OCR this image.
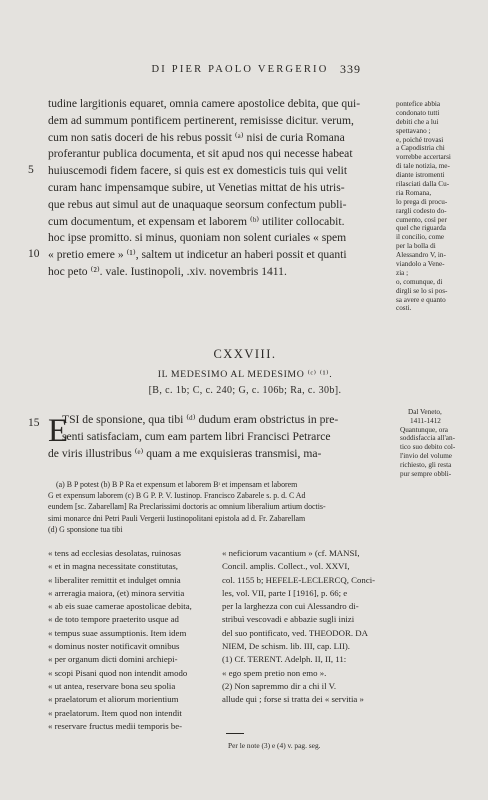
DI PIER PAOLO VERGERIO 339
tudine largitionis equaret, omnia camere apostolice debita, que qui-
dem ad summum pontificem pertinerent, remisisse dicitur. verum,
cum non satis doceri de his rebus possit ⁽ᵃ⁾ nisi de curia Romana
proferantur publica documenta, et sit apud nos qui necesse habeat
huiuscemodi fidem facere, si quis est ex domesticis tuis qui velit
curam hanc impensamque subire, ut Venetias mittat de his utris-
que rebus aut simul aut de unaquaque seorsum confectum publi-
cum documentum, et expensam et laborem ⁽ᵇ⁾ utiliter collocabit.
hoc ipse promitto. si minus, quoniam non solent curiales « spem
« pretio emere » ⁽¹⁾, saltem ut indicetur an haberi possit et quanti
hoc peto ⁽²⁾. vale. Iustinopoli, .xiv. novembris 1411.
5
10
15
pontefice abbia
condonato tutti
debiti che a lui
spettavano ;
e, poiché trovasi
a Capodistria chi
vorrebbe accertarsi
di tale notizia, me-
diante istromenti
rilasciati dalla Cu-
ria Romana,
lo prega di procu-
rargli codesto do-
cumento, così per
quel che riguarda
il concilio, come
per la bolla di
Alessandro V, in-
viandolo a Vene-
zia ;
o, comunque, di
dirgli se lo si pos-
sa avere e quanto
costi.
CXXVIII.
IL MEDESIMO AL MEDESIMO ⁽ᶜ⁾ ⁽¹⁾.
[B, c. 1b; C, c. 240; G, c. 106b; Ra, c. 30b].
E
TSI de sponsione, qua tibi ⁽ᵈ⁾ dudum eram obstrictus in pre-
senti satisfaciam, cum eam partem libri Francisci Petrarce
de viris illustribus ⁽ᵉ⁾ quam a me exquisieras transmisi, ma-
Dal Veneto,
1411-1412
Quantunque, ora
soddisfaccia all'an-
tico suo debito col-
l'invio del volume
richiesto, gli resta
pur sempre obbli-
(a) B P potest (b) B P Ra et expensum et laborem Bᶦ et impensam et laborem
G et expensum laborem (c) B G P. P. V. Iustinop. Francisco Zabarele s. p. d. C Ad
eundem [sc. Zabarellam] Ra Preclarissimi doctoris ac omnium liberalium artium doctis-
simi monarce dni Petri Pauli Vergerii Iustinopolitani epistola ad d. Fr. Zabarellam
(d) G sponsione tua tibi
« tens ad ecclesias desolatas, ruinosas
« et in magna necessitate constitutas,
« liberaliter remittit et indulget omnia
« arreragia maiora, (et) minora servitia
« ab eis suae camerae apostolicae debita,
« de toto tempore praeterito usque ad
« tempus suae assumptionis. Item idem
« dominus noster notificavit omnibus
« per organum dicti domini archiepi-
« scopi Pisani quod non intendit amodo
« ut antea, reservare bona seu spolia
« praelatorum et aliorum morientium
« praelatorum. Item quod non intendit
« reservare fructus medii temporis be-
« neficiorum vacantium » (cf. MANSI,
Concil. amplis. Collect., vol. XXVI,
col. 1155 b; HEFELE-LECLERCQ, Conci-
les, vol. VII, parte I [1916], p. 66; e
per la larghezza con cui Alessandro di-
stribuì vescovadi e abbazie sugli inizi
del suo pontificato, ved. THEODOR. DA
NIEM, De schism. lib. III, cap. LII).
(1) Cf. TERENT. Adelph. II, II, 11:
« ego spem pretio non emo ».
(2) Non sapremmo dir a chi il V.
allude qui ; forse si tratta dei « servitia »
Per le note (3) e (4) v. pag. seg.
